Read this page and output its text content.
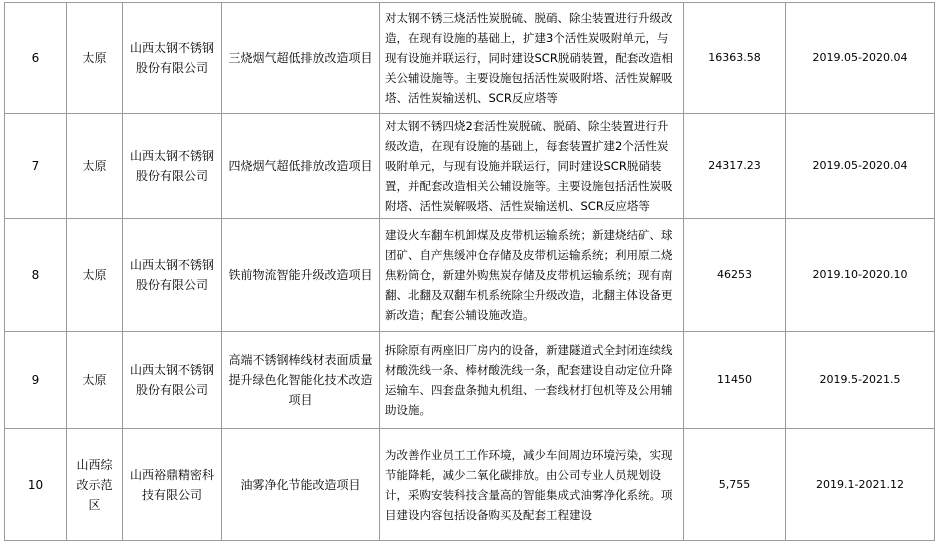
6	太原	山西太钢不锈钢股份有限公司	三烧烟气超低排放改造项目	对太钢不锈三烧活性炭脱硫、脱硝、除尘装置进行升级改造，在现有设施的基础上，扩建3个活性炭吸附单元，与现有设施并联运行，同时建设SCR脱硝装置，配套改造相关公辅设施等。主要设施包括活性炭吸附塔、活性炭解吸塔、活性炭输送机、SCR反应塔等	16363.58	2019.05-2020.04
7	太原	山西太钢不锈钢股份有限公司	四烧烟气超低排放改造项目	对太钢不锈四烧2套活性炭脱硫、脱硝、除尘装置进行升级改造，在现有设施的基础上，每套装置扩建2个活性炭吸附单元，与现有设施并联运行，同时建设SCR脱硝装置，并配套改造相关公辅设施等。主要设施包括活性炭吸附塔、活性炭解吸塔、活性炭输送机、SCR反应塔等	24317.23	2019.05-2020.04
8	太原	山西太钢不锈钢股份有限公司	铁前物流智能升级改造项目	建设火车翻车机卸煤及皮带机运输系统；新建烧结矿、球团矿、自产焦缓冲仓存储及皮带机运输系统；利用原二烧焦粉筒仓，新建外购焦炭存储及皮带机运输系统；现有南翻、北翻及双翻车机系统除尘升级改造，北翻主体设备更新改造；配套公辅设施改造。	46253	2019.10-2020.10
9	太原	山西太钢不锈钢股份有限公司	高端不锈钢棒线材表面质量提升绿色化智能化技术改造项目	拆除原有两座旧厂房内的设备，新建隧道式全封闭连续线材酸洗线一条、棒材酸洗线一条，配套建设自动定位升降运输车、四套盘条抛丸机组、一套线材打包机等及公用辅助设施。	11450	2019.5-2021.5
10	山西综改示范区	山西裕鼎精密科技有限公司	油雾净化节能改造项目	为改善作业员工工作环境，减少车间周边环境污染，实现节能降耗，减少二氧化碳排放。由公司专业人员规划设计，采购安装科技含量高的智能集成式油雾净化系统。项目建设内容包括设备购买及配套工程建设	5,755	2019.1-2021.12
